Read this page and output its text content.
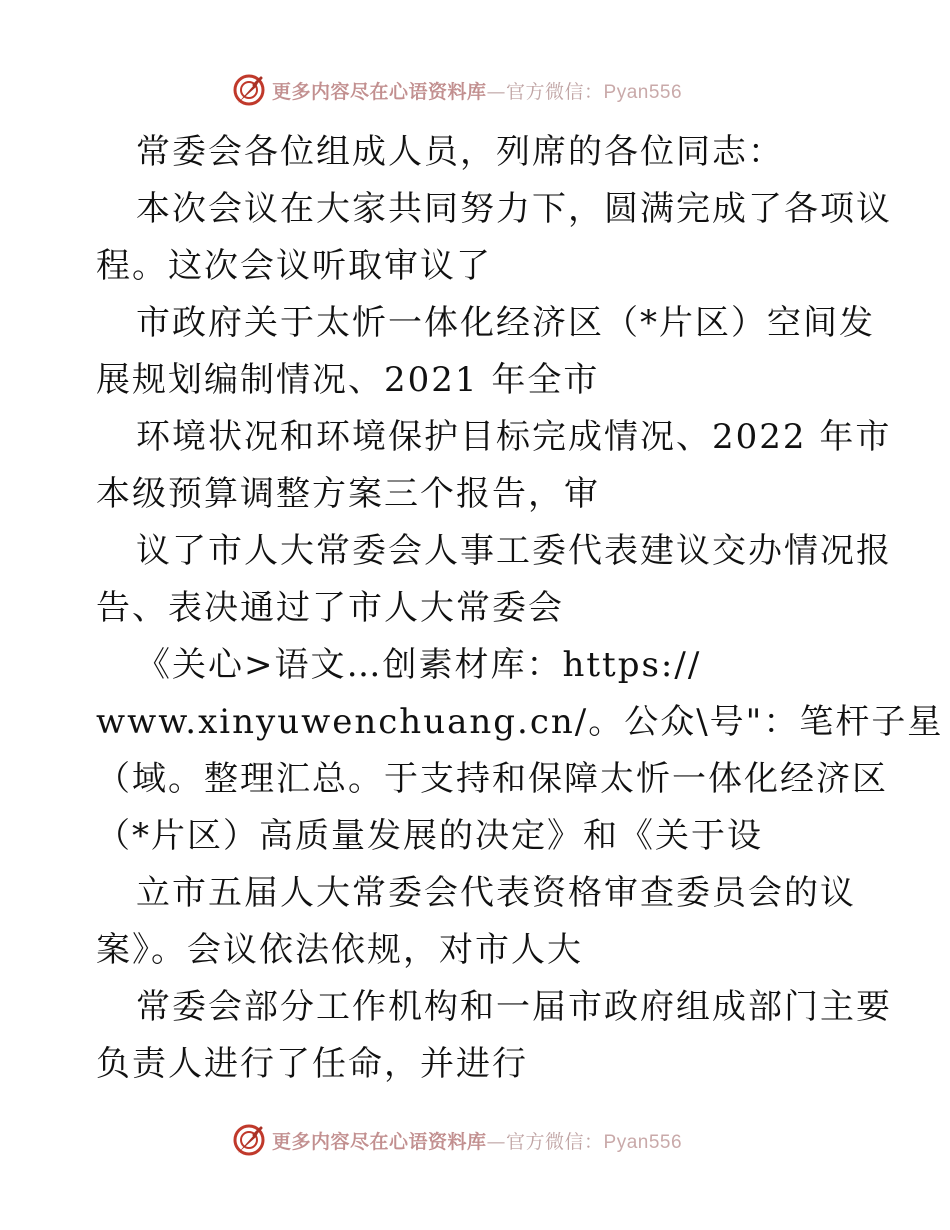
更多内容尽在心语资料库—官方微信：Pyan556
常委会各位组成人员，列席的各位同志：
本次会议在大家共同努力下，圆满完成了各项议
程。这次会议听取审议了
市政府关于太忻一体化经济区（*片区）空间发
展规划编制情况、2021 年全市
环境状况和环境保护目标完成情况、2022 年市
本级预算调整方案三个报告，审
议了市人大常委会人事工委代表建议交办情况报
告、表决通过了市人大常委会
《关心>语文…创素材库：https://
www.xinyuwenchuang.cn/。公众\号"：笔杆子星
（域。整理汇总。于支持和保障太忻一体化经济区
（*片区）高质量发展的决定》和《关于设
立市五届人大常委会代表资格审查委员会的议
案》。会议依法依规，对市人大
常委会部分工作机构和一届市政府组成部门主要
负责人进行了任命，并进行
更多内容尽在心语资料库—官方微信：Pyan556
